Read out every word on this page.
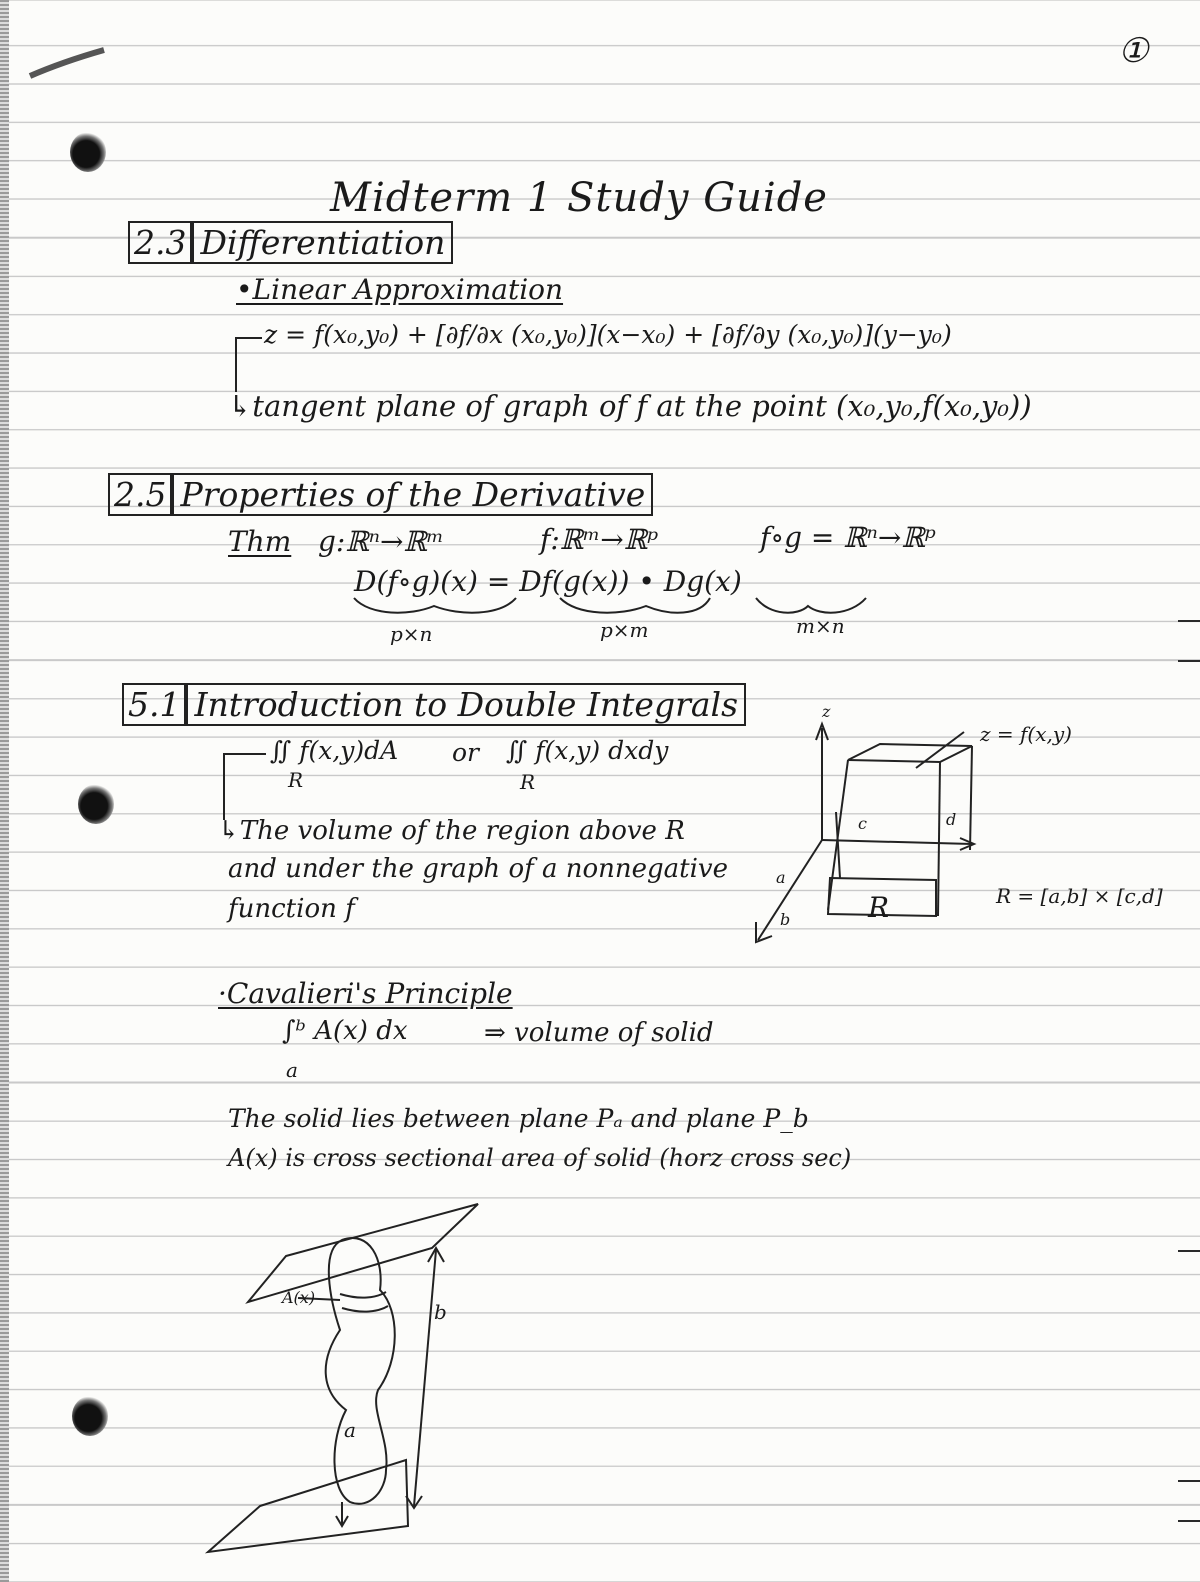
①
Midterm 1 Study Guide
2.3 Differentiation
•Linear Approximation
z = f(x₀,y₀) + [∂f/∂x (x₀,y₀)](x−x₀) + [∂f/∂y (x₀,y₀)](y−y₀)
↳tangent plane of graph of f at the point (x₀,y₀,f(x₀,y₀))
2.5 Properties of the Derivative
Thm g:ℝⁿ→ℝᵐ	f:ℝᵐ→ℝᵖ	f∘g = ℝⁿ→ℝᵖ
D(f∘g)(x) = Df(g(x)) • Dg(x)
p×n	p×m	m×n
5.1 Introduction to Double Integrals
∬ f(x,y)dA or ∬ f(x,y) dxdy
R	R
↳The volume of the region above R
and under the graph of a nonnegative
function f
z
z = f(x,y)
c	d
a
b	R	R = [a,b] × [c,d]
·Cavalieri's Principle
∫ᵇ A(x) dx
a
⇒ volume of solid
The solid lies between plane Pₐ and plane P_b
A(x) is cross sectional area of solid (horz cross sec)
A(x)
b
a
